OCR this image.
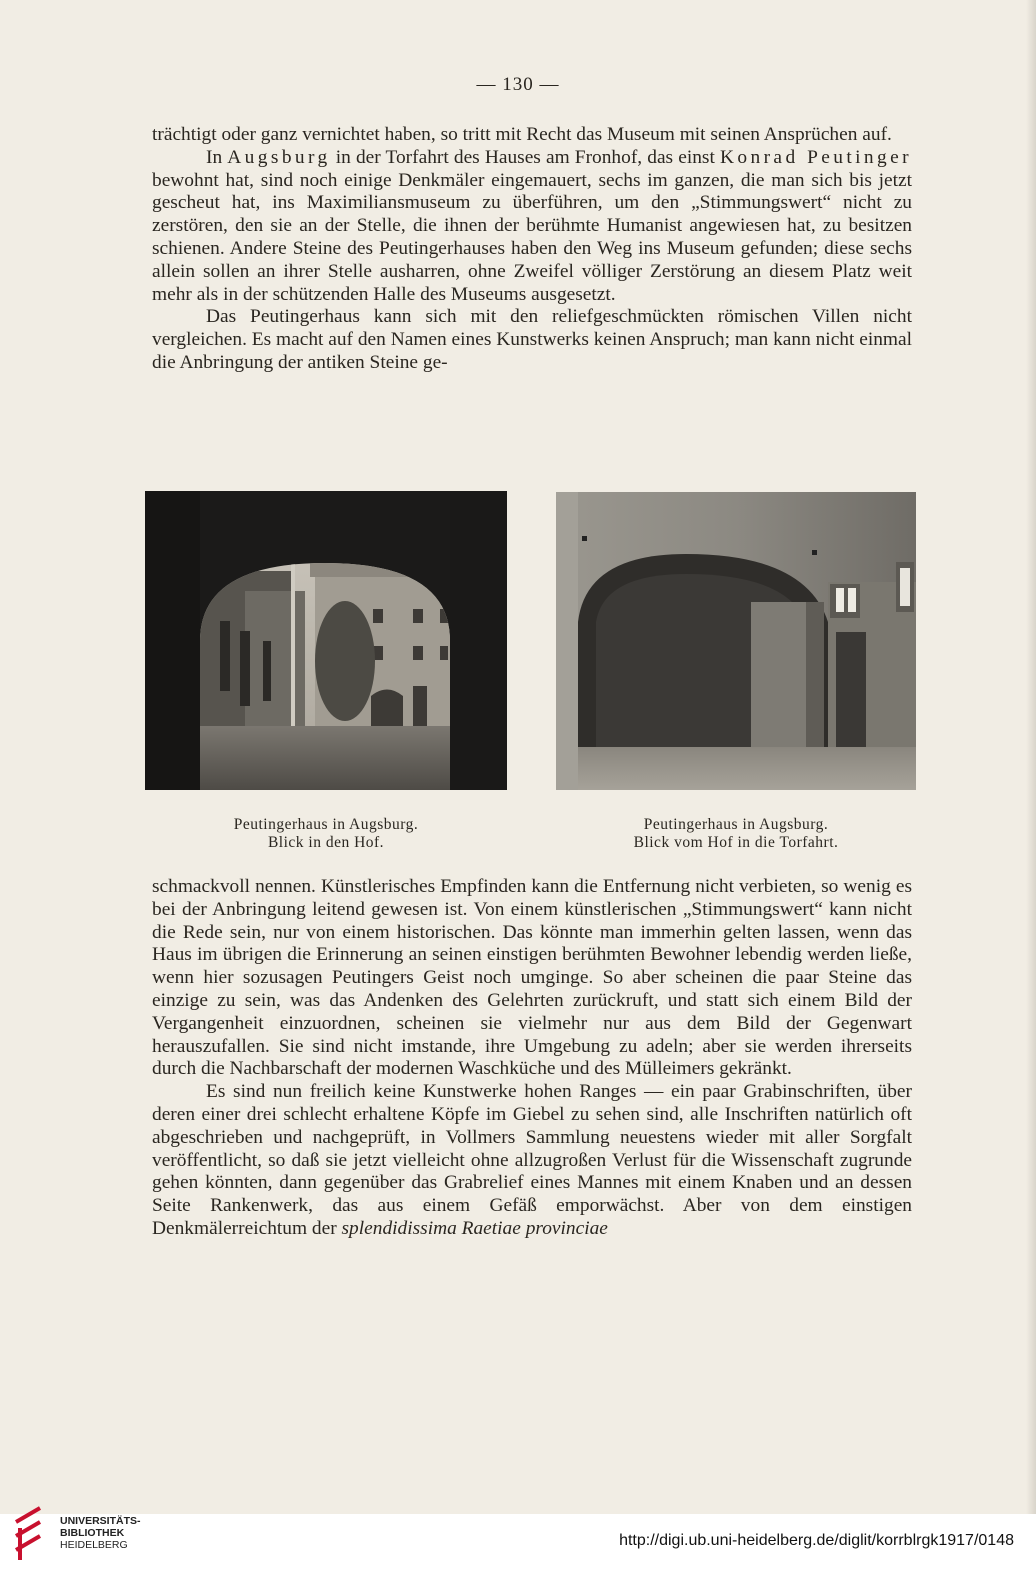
— 130 —

trächtigt oder ganz vernichtet haben, so tritt mit Recht das Museum mit seinen Ansprüchen auf.

In Augsburg in der Torfahrt des Hauses am Fronhof, das einst Konrad Peutinger bewohnt hat, sind noch einige Denkmäler eingemauert, sechs im ganzen, die man sich bis jetzt gescheut hat, ins Maximiliansmuseum zu überführen, um den „Stimmungswert“ nicht zu zerstören, den sie an der Stelle, die ihnen der berühmte Humanist angewiesen hat, zu besitzen schienen. Andere Steine des Peutingerhauses haben den Weg ins Museum gefunden; diese sechs allein sollen an ihrer Stelle ausharren, ohne Zweifel völliger Zerstörung an diesem Platz weit mehr als in der schützenden Halle des Museums ausgesetzt.

Das Peutingerhaus kann sich mit den reliefgeschmückten römischen Villen nicht vergleichen. Es macht auf den Namen eines Kunstwerks keinen Anspruch; man kann nicht einmal die Anbringung der antiken Steine ge-

Peutingerhaus in Augsburg.
Blick in den Hof.
Peutingerhaus in Augsburg.
Blick vom Hof in die Torfahrt.

schmackvoll nennen. Künstlerisches Empfinden kann die Entfernung nicht verbieten, so wenig es bei der Anbringung leitend gewesen ist. Von einem künstlerischen „Stimmungswert“ kann nicht die Rede sein, nur von einem historischen. Das könnte man immerhin gelten lassen, wenn das Haus im übrigen die Erinnerung an seinen einstigen berühmten Bewohner lebendig werden ließe, wenn hier sozusagen Peutingers Geist noch umginge. So aber scheinen die paar Steine das einzige zu sein, was das Andenken des Gelehrten zurückruft, und statt sich einem Bild der Vergangenheit einzuordnen, scheinen sie vielmehr nur aus dem Bild der Gegenwart herauszufallen. Sie sind nicht imstande, ihre Umgebung zu adeln; aber sie werden ihrerseits durch die Nachbarschaft der modernen Waschküche und des Mülleimers gekränkt.

Es sind nun freilich keine Kunstwerke hohen Ranges — ein paar Grabinschriften, über deren einer drei schlecht erhaltene Köpfe im Giebel zu sehen sind, alle Inschriften natürlich oft abgeschrieben und nachgeprüft, in Vollmers Sammlung neuestens wieder mit aller Sorgfalt veröffentlicht, so daß sie jetzt vielleicht ohne allzugroßen Verlust für die Wissenschaft zugrunde gehen könnten, dann gegenüber das Grabrelief eines Mannes mit einem Knaben und an dessen Seite Rankenwerk, das aus einem Gefäß emporwächst. Aber von dem einstigen Denkmälerreichtum der splendidissima Raetiae provinciae

UNIVERSITÄTS-
BIBLIOTHEK
HEIDELBERG	http://digi.ub.uni-heidelberg.de/diglit/korrblrgk1917/0148
